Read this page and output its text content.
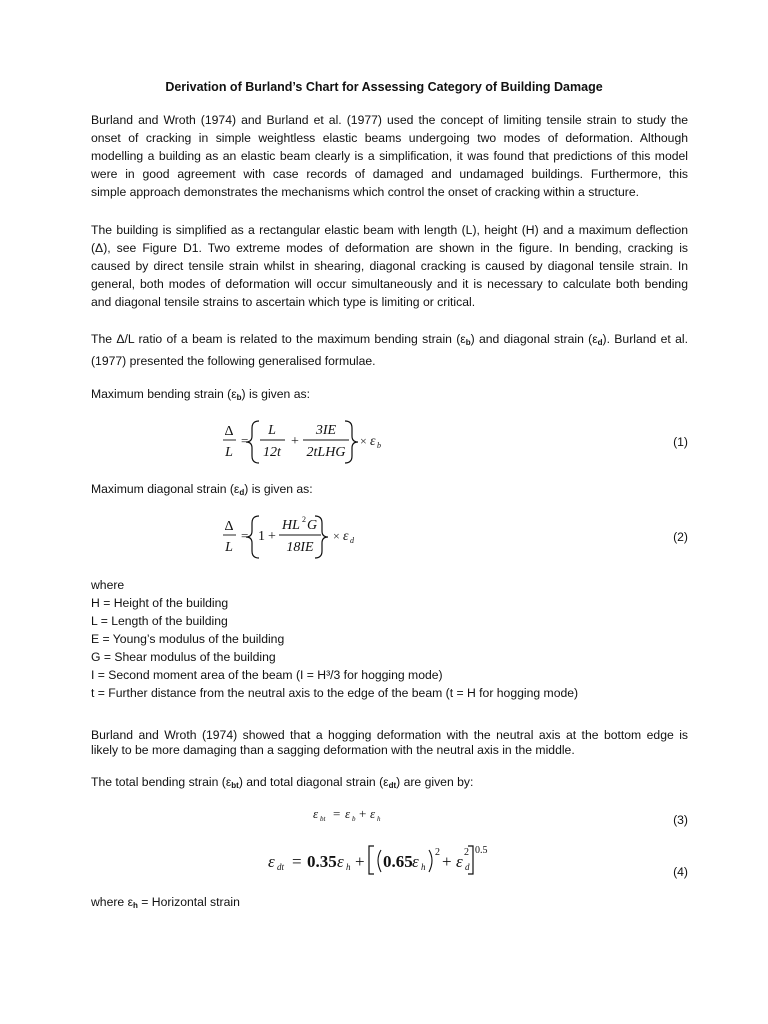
Derivation of Burland’s Chart for Assessing Category of Building Damage
Burland and Wroth (1974) and Burland et al. (1977) used the concept of limiting tensile strain to study the
onset of cracking in simple weightless elastic beams undergoing two modes of deformation. Although
modelling a building as an elastic beam clearly is a simplification, it was found that predictions of this model
were in good agreement with case records of damaged and undamaged buildings. Furthermore, this
simple approach demonstrates the mechanisms which control the onset of cracking within a structure.
The building is simplified as a rectangular elastic beam with length (L), height (H) and a maximum deflection
(Δ), see Figure D1. Two extreme modes of deformation are shown in the figure. In bending, cracking is
caused by direct tensile strain whilst in shearing, diagonal cracking is caused by diagonal tensile strain. In
general, both modes of deformation will occur simultaneously and it is necessary to calculate both bending
and diagonal tensile strains to ascertain which type is limiting or critical.
The Δ/L ratio of a beam is related to the maximum bending strain $(\varepsilon_b)$ and diagonal strain $(\varepsilon_d)$. Burland et al.
(1977) presented the following generalised formulae.
Maximum bending strain $(\varepsilon_b)$ is given as:
Δ
L
=
L
12t
+
3IE
2tLHG
× ε b	(1)
Maximum diagonal strain $(\varepsilon_d)$ is given as:
Δ
L
= 1 +
HL 2 G
18IE
× ε d	(2)
where
H = Height of the building
L = Length of the building
E = Young’s modulus of the building
G = Shear modulus of the building
I = Second moment area of the beam (I = H³/3 for hogging mode)
t = Further distance from the neutral axis to the edge of the beam (t = H for hogging mode)
Burland and Wroth (1974) showed that a hogging deformation with the neutral axis at the bottom edge is
likely to be more damaging than a sagging deformation with the neutral axis in the middle.
The total bending strain $(\varepsilon_{bt})$ and total diagonal strain $(\varepsilon_{dt})$ are given by:
ε bt = ε b + ε h	(3)
ε dt = 0.35 ε h + 0.65 ε h
2 + ε d
2 0.5
(4)
where $\varepsilon_h$ = Horizontal strain
